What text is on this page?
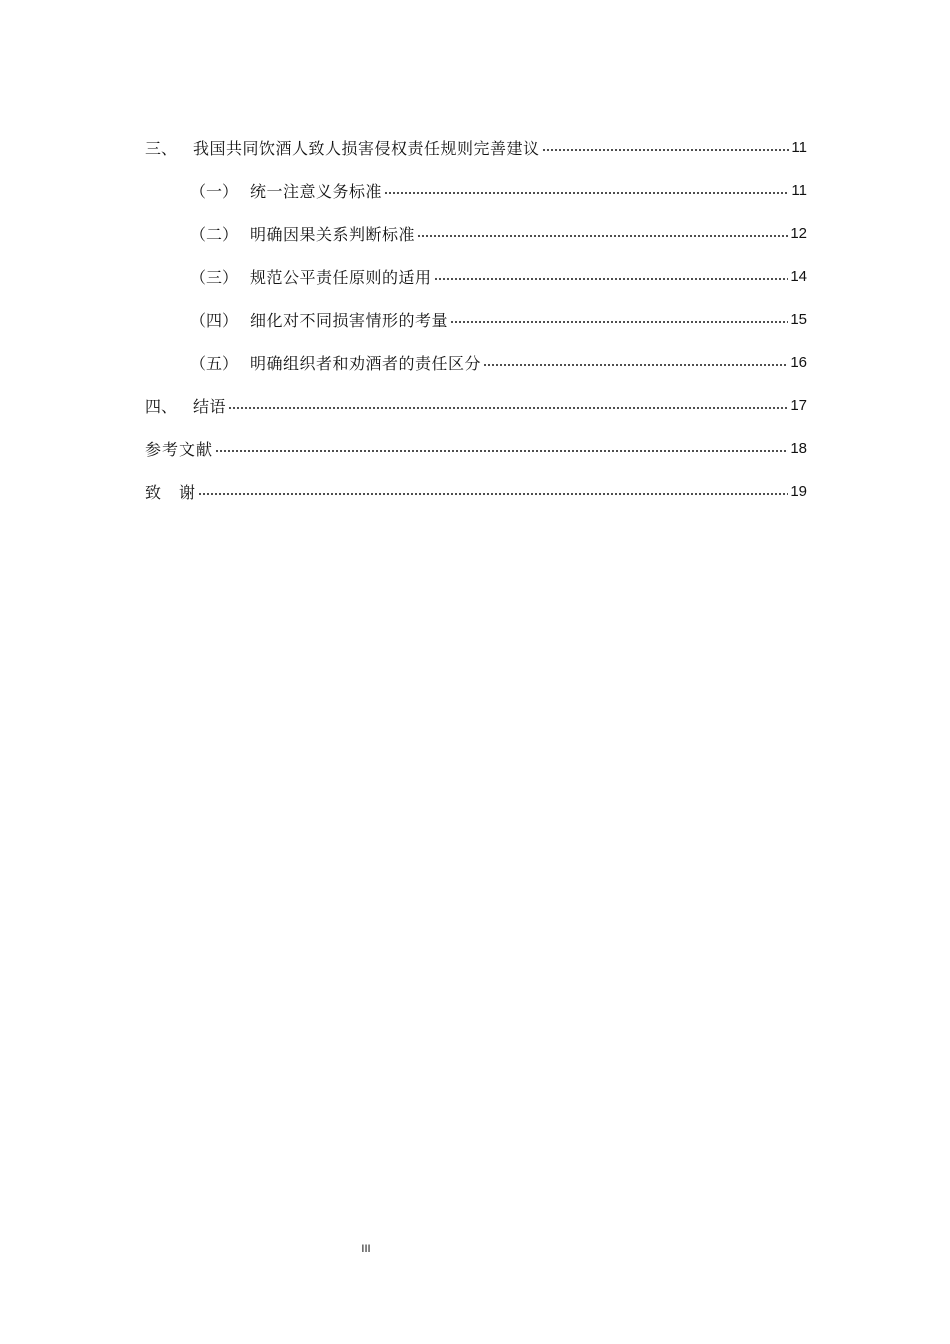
三、 我国共同饮酒人致人损害侵权责任规则完善建议	11
（一） 统一注意义务标准	11
（二） 明确因果关系判断标准	12
（三） 规范公平责任原则的适用	14
（四） 细化对不同损害情形的考量	15
（五） 明确组织者和劝酒者的责任区分	16
四、 结语	17
参考文献	18
致　谢	19
III
